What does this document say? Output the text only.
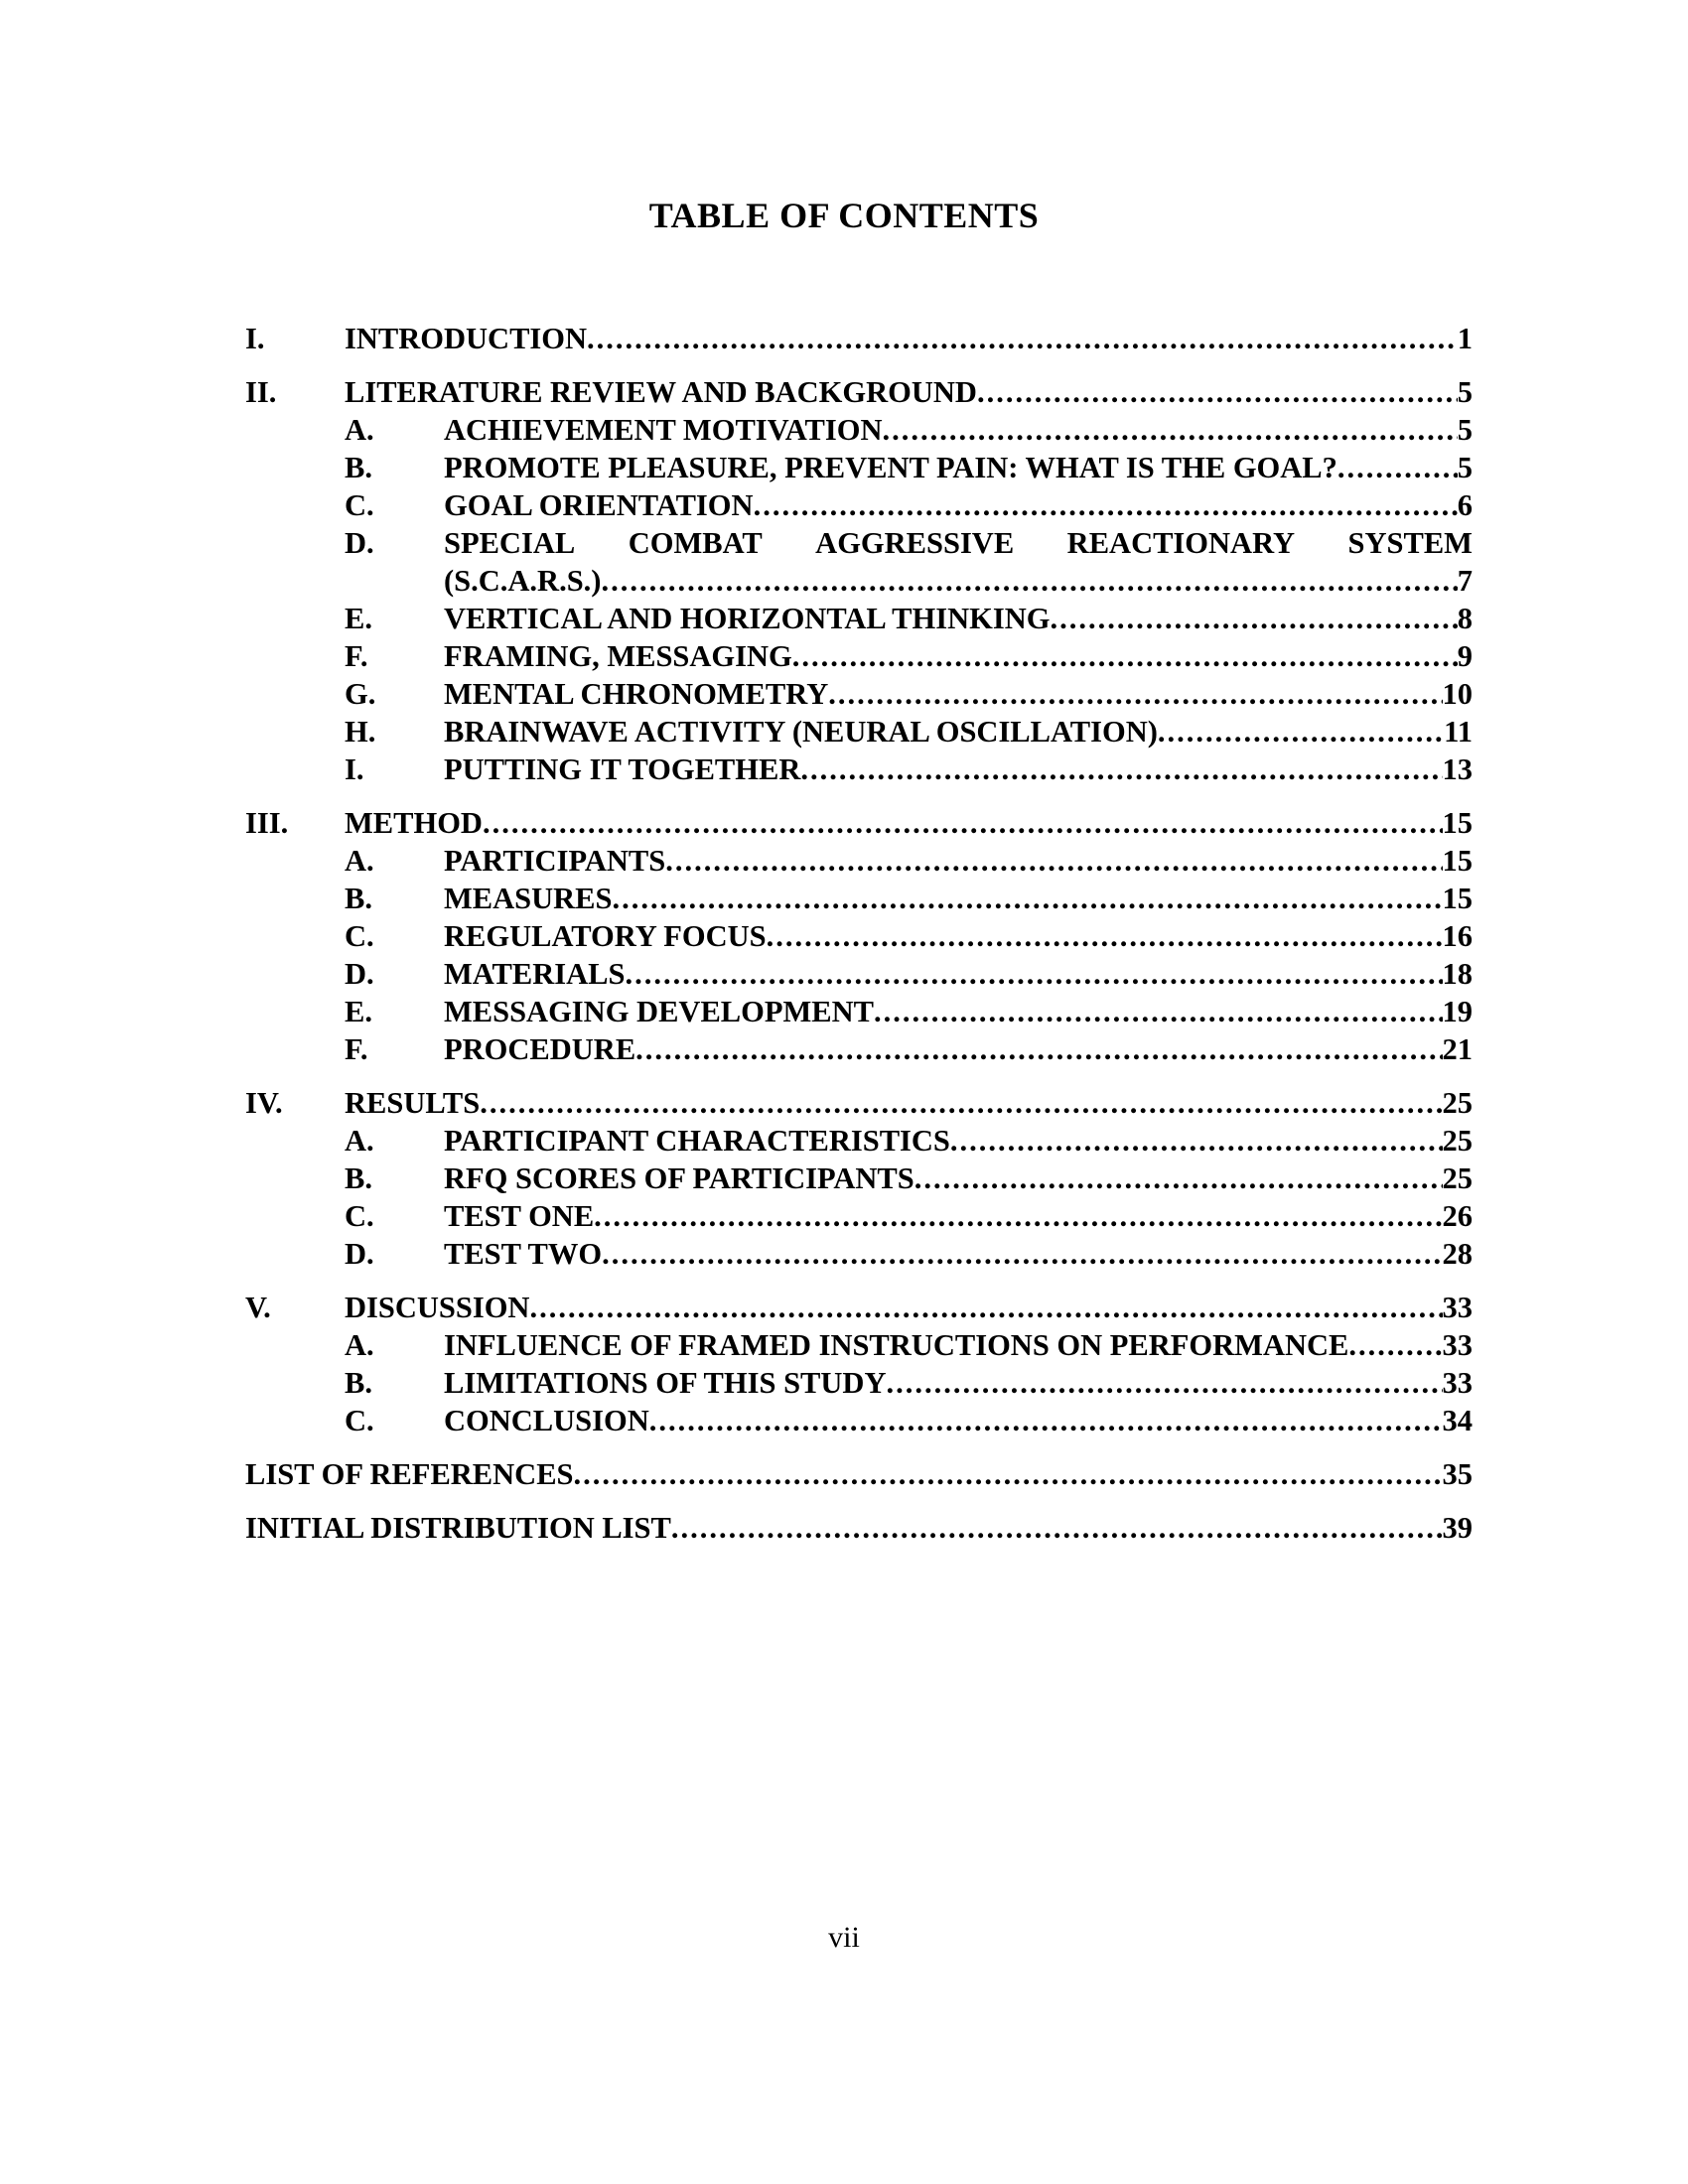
TABLE OF CONTENTS
I.	INTRODUCTION .....	1
II. LITERATURE REVIEW AND BACKGROUND .....	5
A. ACHIEVEMENT MOTIVATION .....	5
B. PROMOTE PLEASURE, PREVENT PAIN: WHAT IS THE GOAL? .....	5
C. GOAL ORIENTATION .....	6
D. SPECIAL COMBAT AGGRESSIVE REACTIONARY SYSTEM
(S.C.A.R.S.) .....	7
E. VERTICAL AND HORIZONTAL THINKING .....	8
F.	FRAMING, MESSAGING .....	9
G. MENTAL CHRONOMETRY .....	10
H. BRAINWAVE ACTIVITY (NEURAL OSCILLATION) .....	11
I.	PUTTING IT TOGETHER .....	13
III. METHOD .....	15
A. PARTICIPANTS .....	15
B. MEASURES .....	15
C. REGULATORY FOCUS .....	16
D. MATERIALS .....	18
E. MESSAGING DEVELOPMENT .....	19
F.	PROCEDURE .....	21
IV. RESULTS .....	25
A. PARTICIPANT CHARACTERISTICS .....	25
B. RFQ SCORES OF PARTICIPANTS .....	25
C. TEST ONE .....	26
D. TEST TWO .....	28
V. DISCUSSION .....	33
A. INFLUENCE OF FRAMED INSTRUCTIONS ON PERFORMANCE .....	33
B. LIMITATIONS OF THIS STUDY .....	33
C. CONCLUSION .....	34
LIST OF REFERENCES .....	35
INITIAL DISTRIBUTION LIST .....	39
vii
